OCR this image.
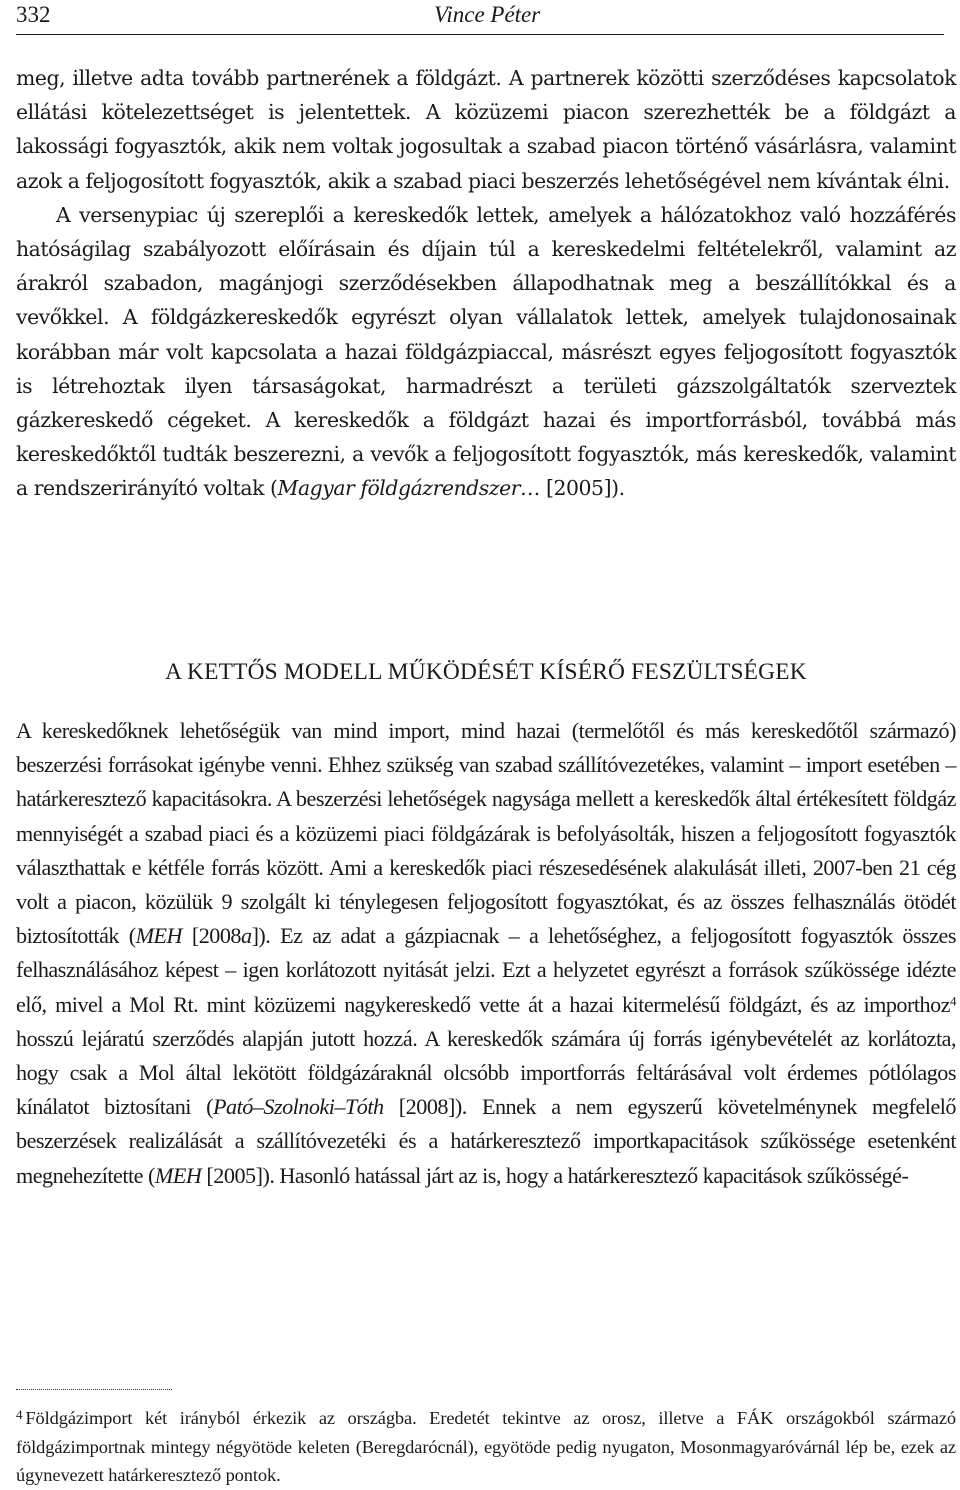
332	Vince Péter

meg, illetve adta tovább partnerének a földgázt. A partnerek közötti szerződéses kapcsolatok ellátási kötelezettséget is jelentettek. A közüzemi piacon szerezhették be a földgázt a lakossági fogyasztók, akik nem voltak jogosultak a szabad piacon történő vásárlásra, valamint azok a feljogosított fogyasztók, akik a szabad piaci beszerzés lehetőségével nem kívántak élni.

A versenypiac új szereplői a kereskedők lettek, amelyek a hálózatokhoz való hozzáférés hatóságilag szabályozott előírásain és díjain túl a kereskedelmi feltételekről, valamint az árakról szabadon, magánjogi szerződésekben állapodhatnak meg a beszállítókkal és a vevőkkel. A földgázkereskedők egyrészt olyan vállalatok lettek, amelyek tulajdonosainak korábban már volt kapcsolata a hazai földgázpiaccal, másrészt egyes feljogosított fogyasztók is létrehoztak ilyen társaságokat, harmadrészt a területi gázszolgáltatók szerveztek gázkereskedő cégeket. A kereskedők a földgázt hazai és importforrásból, továbbá más kereskedőktől tudták beszerezni, a vevők a feljogosított fogyasztók, más kereskedők, valamint a rendszerirányító voltak (Magyar földgázrendszer… [2005]).

A KETTŐS MODELL MŰKÖDÉSÉT KÍSÉRŐ FESZÜLTSÉGEK

A kereskedőknek lehetőségük van mind import, mind hazai (termelőtől és más kereskedőtől származó) beszerzési forrásokat igénybe venni. Ehhez szükség van szabad szállítóvezetékes, valamint – import esetében – határkeresztező kapacitásokra. A beszerzési lehetőségek nagysága mellett a kereskedők által értékesített földgáz mennyiségét a szabad piaci és a közüzemi piaci földgázárak is befolyásolták, hiszen a feljogosított fogyasztók választhattak e kétféle forrás között. Ami a kereskedők piaci részesedésének alakulását illeti, 2007-ben 21 cég volt a piacon, közülük 9 szolgált ki ténylegesen feljogosított fogyasztókat, és az összes felhasználás ötödét biztosították (MEH [2008a]). Ez az adat a gázpiacnak – a lehetőséghez, a feljogosított fogyasztók összes felhasználásához képest – igen korlátozott nyitását jelzi. Ezt a helyzetet egyrészt a források szűkössége idézte elő, mivel a Mol Rt. mint közüzemi nagykereskedő vette át a hazai kitermelésű földgázt, és az importhoz$^4$ hosszú lejáratú szerződés alapján jutott hozzá. A kereskedők számára új forrás igénybevételét az korlátozta, hogy csak a Mol által lekötött földgázáraknál olcsóbb importforrás feltárásával volt érdemes pótlólagos kínálatot biztosítani (Pató–Szolnoki–Tóth [2008]). Ennek a nem egyszerű követelménynek megfelelő beszerzések realizálását a szállítóvezetéki és a határkeresztező importkapacitások szűkössége esetenként megnehezítette (MEH [2005]). Hasonló hatással járt az is, hogy a határkeresztező kapacitások szűkösségé-

$^4$ Földgázimport két irányból érkezik az országba. Eredetét tekintve az orosz, illetve a FÁK országokból származó földgázimportnak mintegy négyötöde keleten (Beregdarócnál), egyötöde pedig nyugaton, Mosonmagyaróvárnál lép be, ezek az úgynevezett határkeresztező pontok.
